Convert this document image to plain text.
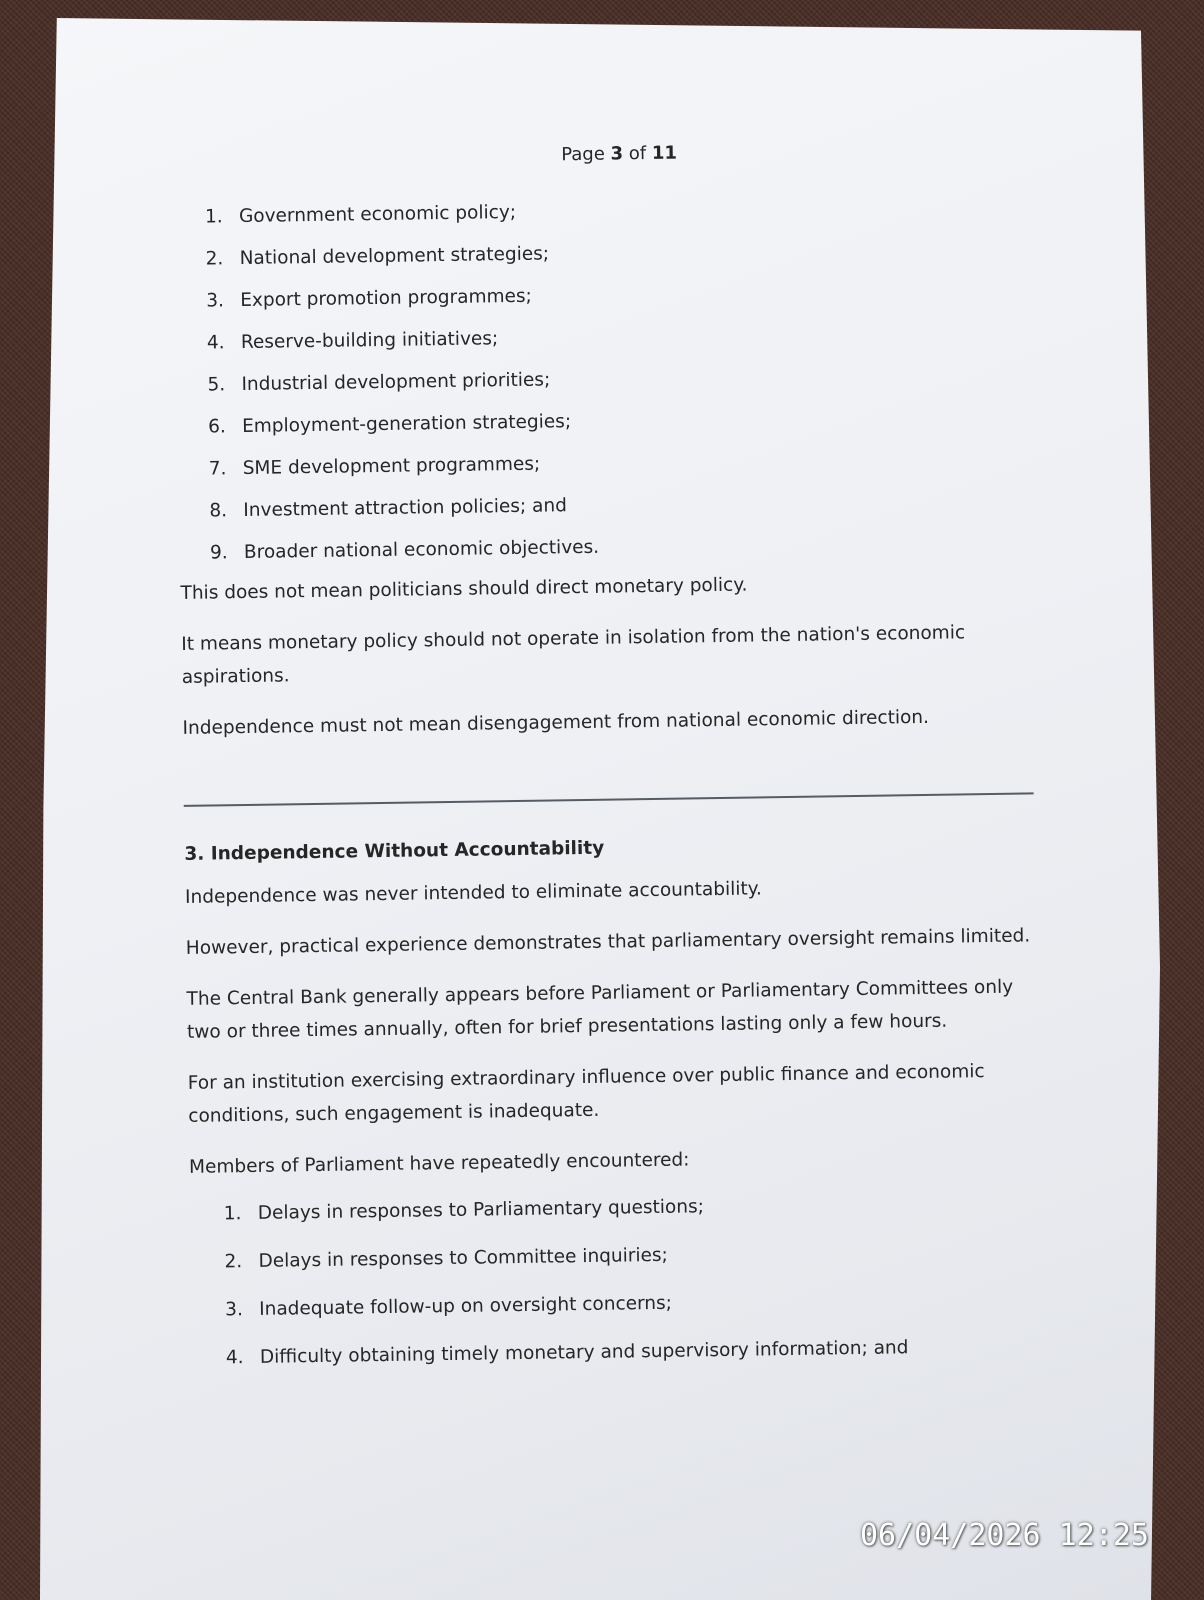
Page 3 of 11
1. Government economic policy;
2. National development strategies;
3. Export promotion programmes;
4. Reserve-building initiatives;
5. Industrial development priorities;
6. Employment-generation strategies;
7. SME development programmes;
8. Investment attraction policies; and
9. Broader national economic objectives.

This does not mean politicians should direct monetary policy.

It means monetary policy should not operate in isolation from the nation's economic aspirations.

Independence must not mean disengagement from national economic direction.

3. Independence Without Accountability

Independence was never intended to eliminate accountability.

However, practical experience demonstrates that parliamentary oversight remains limited.

The Central Bank generally appears before Parliament or Parliamentary Committees only two or three times annually, often for brief presentations lasting only a few hours.

For an institution exercising extraordinary influence over public finance and economic conditions, such engagement is inadequate.

Members of Parliament have repeatedly encountered:

1. Delays in responses to Parliamentary questions;
2. Delays in responses to Committee inquiries;
3. Inadequate follow-up on oversight concerns;
4. Difficulty obtaining timely monetary and supervisory information; and
06/04/2026 12:25
